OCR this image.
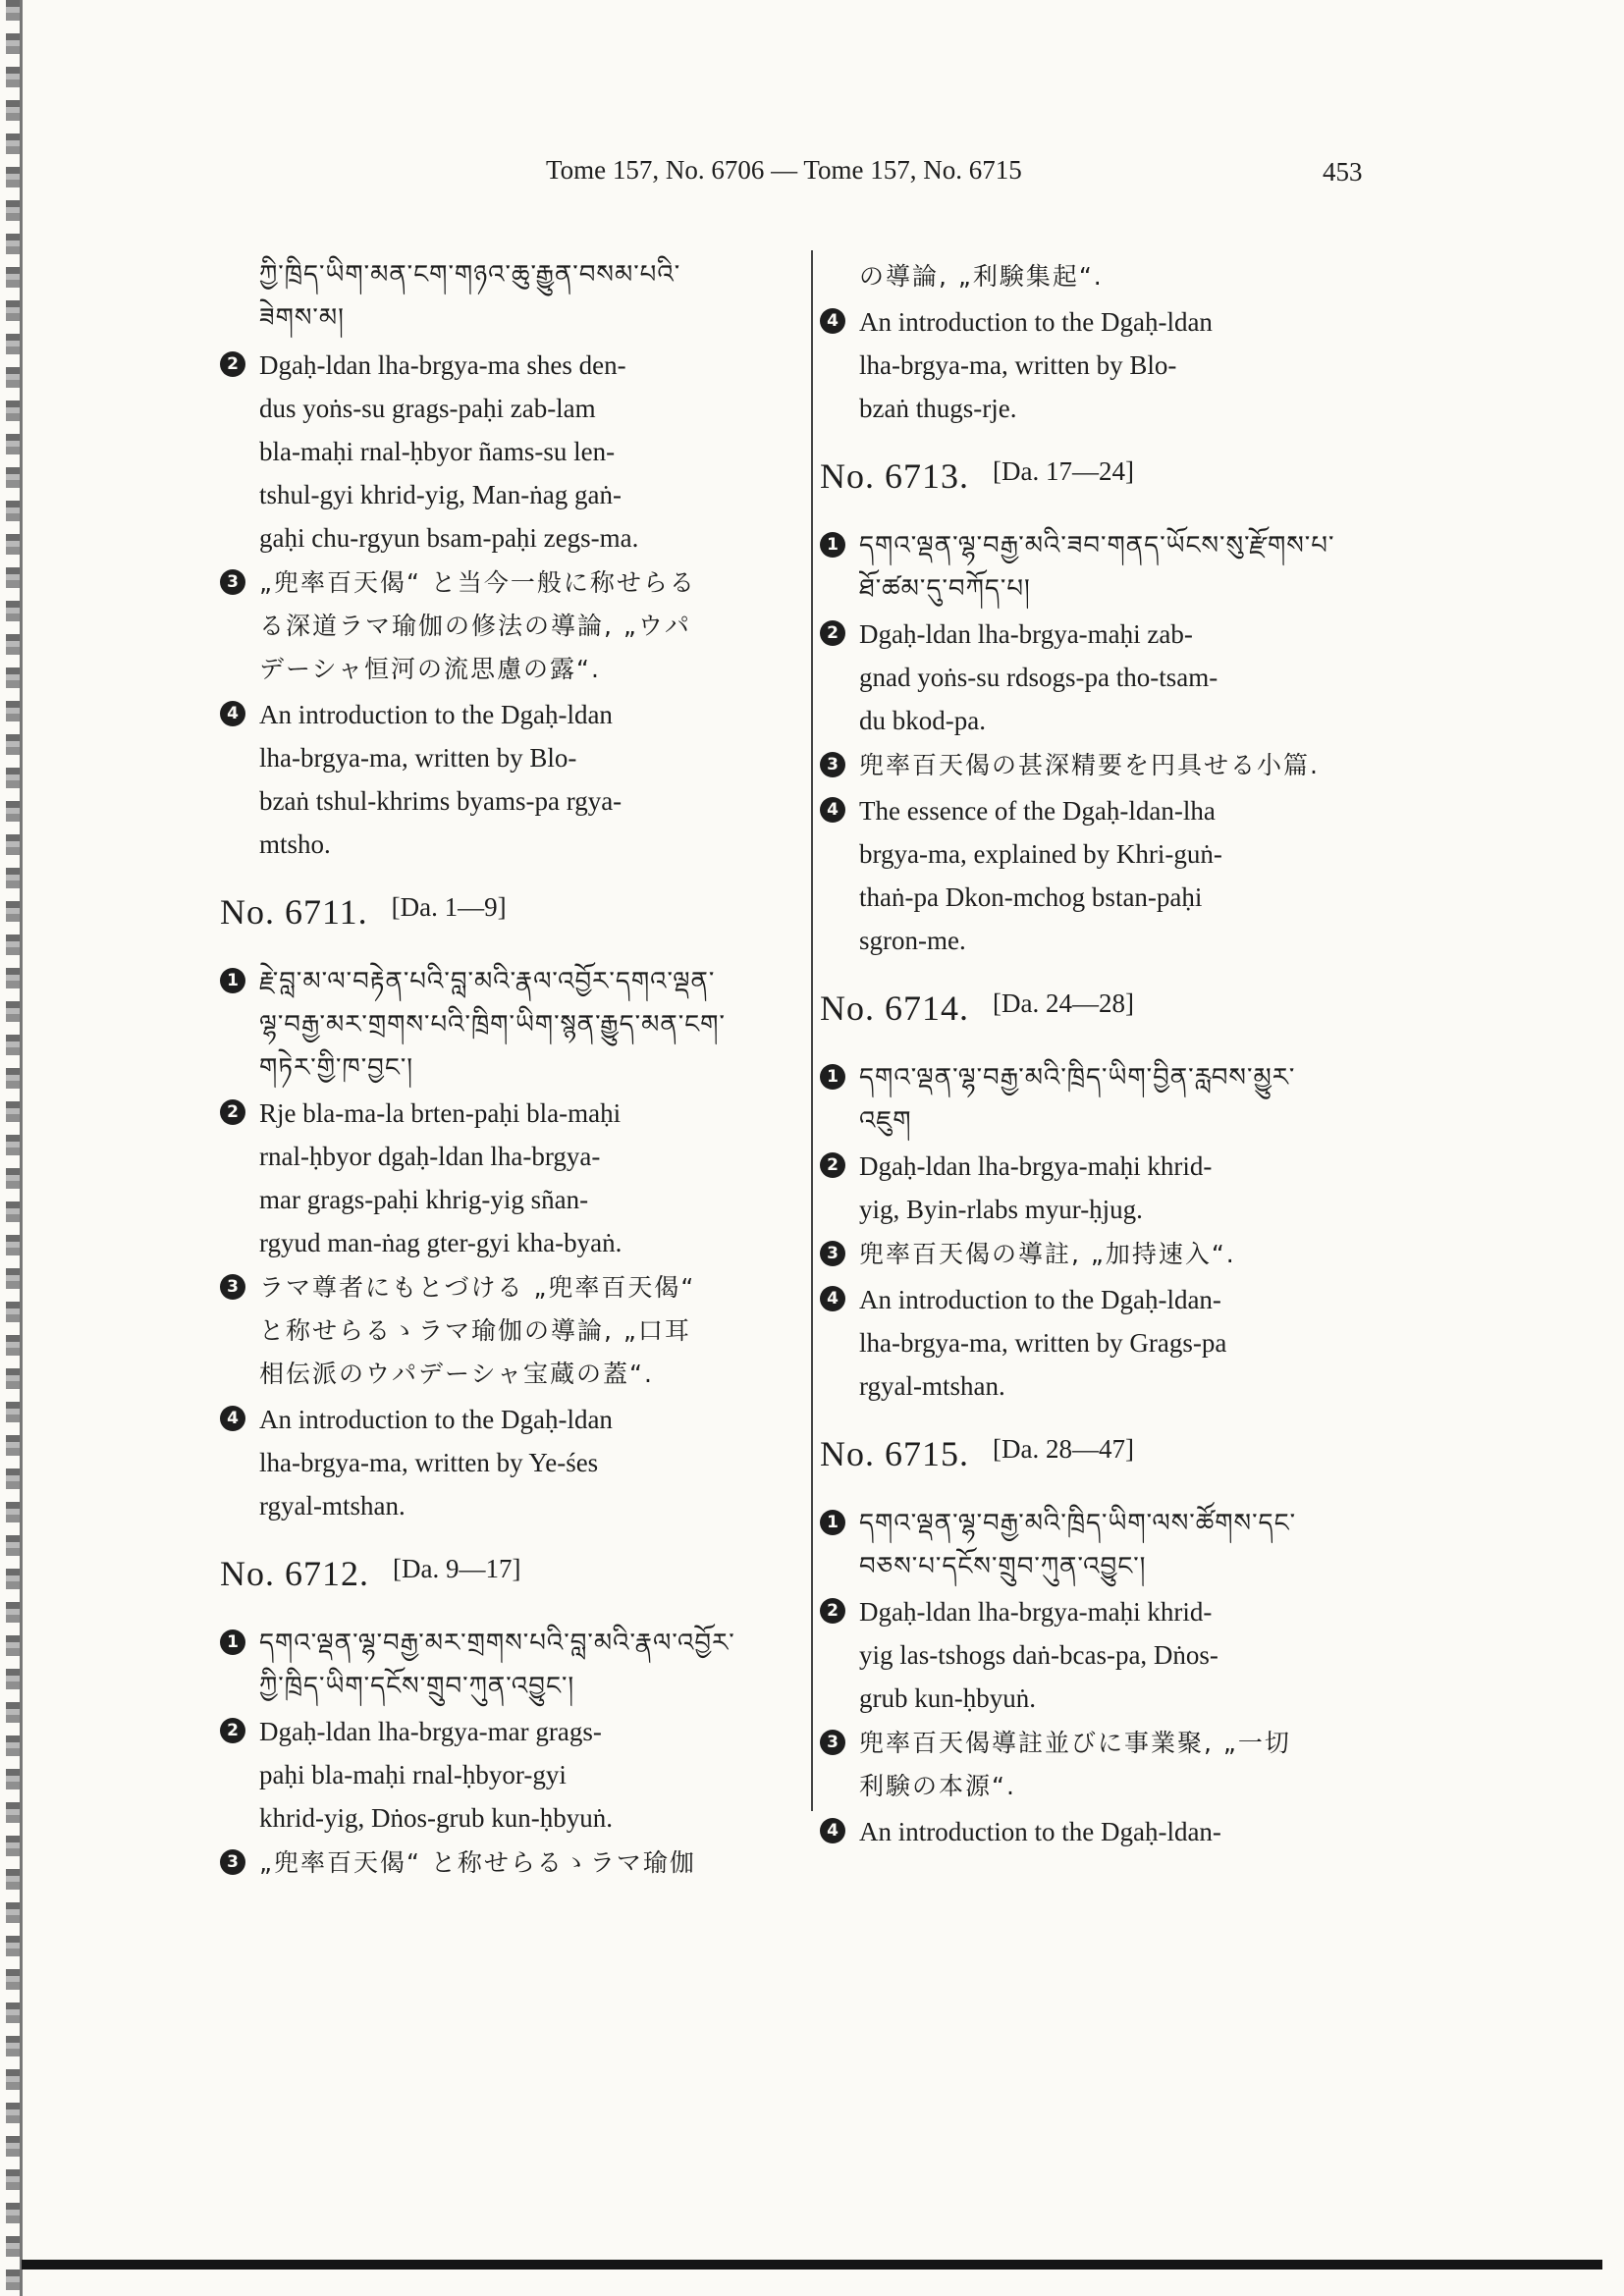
Tome 157, No. 6706 — Tome 157, No. 6715	453
ཀྱི་ཁྲིད་ཡིག་མན་ངག་གཉའ་ཆུ་རྒྱུན་བསམ་པའི་
ཟེགས་མ།
2 Dgaḥ-ldan lha-brgya-ma shes den-
dus yoṅs-su grags-paḥi zab-lam
bla-maḥi rnal-ḥbyor ñams-su len-
tshul-gyi khrid-yig, Man-ṅag gaṅ-
gaḥi chu-rgyun bsam-paḥi zegs-ma.
3 „兜率百天偈“ と当今一般に称せらる
る深道ラマ瑜伽の修法の導論, „ウパ
デーシャ恒河の流思慮の露“.
4 An introduction to the Dgaḥ-ldan
lha-brgya-ma, written by Blo-
bzaṅ tshul-khrims byams-pa rgya-
mtsho.
No. 6711. [Da. 1—9]
1 རྗེ་བླ་མ་ལ་བརྟེན་པའི་བླ་མའི་རྣལ་འབྱོར་དགའ་ལྡན་
ལྷ་བརྒྱ་མར་གྲགས་པའི་ཁྲིག་ཡིག་སྙན་རྒྱུད་མན་ངག་
གཏེར་གྱི་ཁ་བྱང་།
2 Rje bla-ma-la brten-paḥi bla-maḥi
rnal-ḥbyor dgaḥ-ldan lha-brgya-
mar grags-paḥi khrig-yig sñan-
rgyud man-ṅag gter-gyi kha-byaṅ.
3 ラマ尊者にもとづける „兜率百天偈“
と称せらるゝラマ瑜伽の導論, „口耳
相伝派のウパデーシャ宝蔵の蓋“.
4 An introduction to the Dgaḥ-ldan
lha-brgya-ma, written by Ye-śes
rgyal-mtshan.
No. 6712. [Da. 9—17]
1 དགའ་ལྡན་ལྷ་བརྒྱ་མར་གྲགས་པའི་བླ་མའི་རྣལ་འབྱོར་
ཀྱི་ཁྲིད་ཡིག་དངོས་གྲུབ་ཀུན་འབྱུང་།
2 Dgaḥ-ldan lha-brgya-mar grags-
paḥi bla-maḥi rnal-ḥbyor-gyi
khrid-yig, Dṅos-grub kun-ḥbyuṅ.
3 „兜率百天偈“ と称せらるゝラマ瑜伽
の導論, „利験集起“.
4 An introduction to the Dgaḥ-ldan
lha-brgya-ma, written by Blo-
bzaṅ thugs-rje.
No. 6713. [Da. 17—24]
1 དགའ་ལྡན་ལྷ་བརྒྱ་མའི་ཟབ་གནད་ཡོངས་སུ་རྫོགས་པ་
ཐོ་ཚམ་དུ་བཀོད་པ།
2 Dgaḥ-ldan lha-brgya-maḥi zab-
gnad yoṅs-su rdsogs-pa tho-tsam-
du bkod-pa.
3 兜率百天偈の甚深精要を円具せる小篇.
4 The essence of the Dgaḥ-ldan-lha
brgya-ma, explained by Khri-guṅ-
thaṅ-pa Dkon-mchog bstan-paḥi
sgron-me.
No. 6714. [Da. 24—28]
1 དགའ་ལྡན་ལྷ་བརྒྱ་མའི་ཁྲིད་ཡིག་བྱིན་རླབས་མྱུར་
འཇུག
2 Dgaḥ-ldan lha-brgya-maḥi khrid-
yig, Byin-rlabs myur-ḥjug.
3 兜率百天偈の導註, „加持速入“.
4 An introduction to the Dgaḥ-ldan-
lha-brgya-ma, written by Grags-pa
rgyal-mtshan.
No. 6715. [Da. 28—47]
1 དགའ་ལྡན་ལྷ་བརྒྱ་མའི་ཁྲིད་ཡིག་ལས་ཚོགས་དང་
བཅས་པ་དངོས་གྲུབ་ཀུན་འབྱུང་།
2 Dgaḥ-ldan lha-brgya-maḥi khrid-
yig las-tshogs daṅ-bcas-pa, Dṅos-
grub kun-ḥbyuṅ.
3 兜率百天偈導註並びに事業聚, „一切
利験の本源“.
4 An introduction to the Dgaḥ-ldan-
